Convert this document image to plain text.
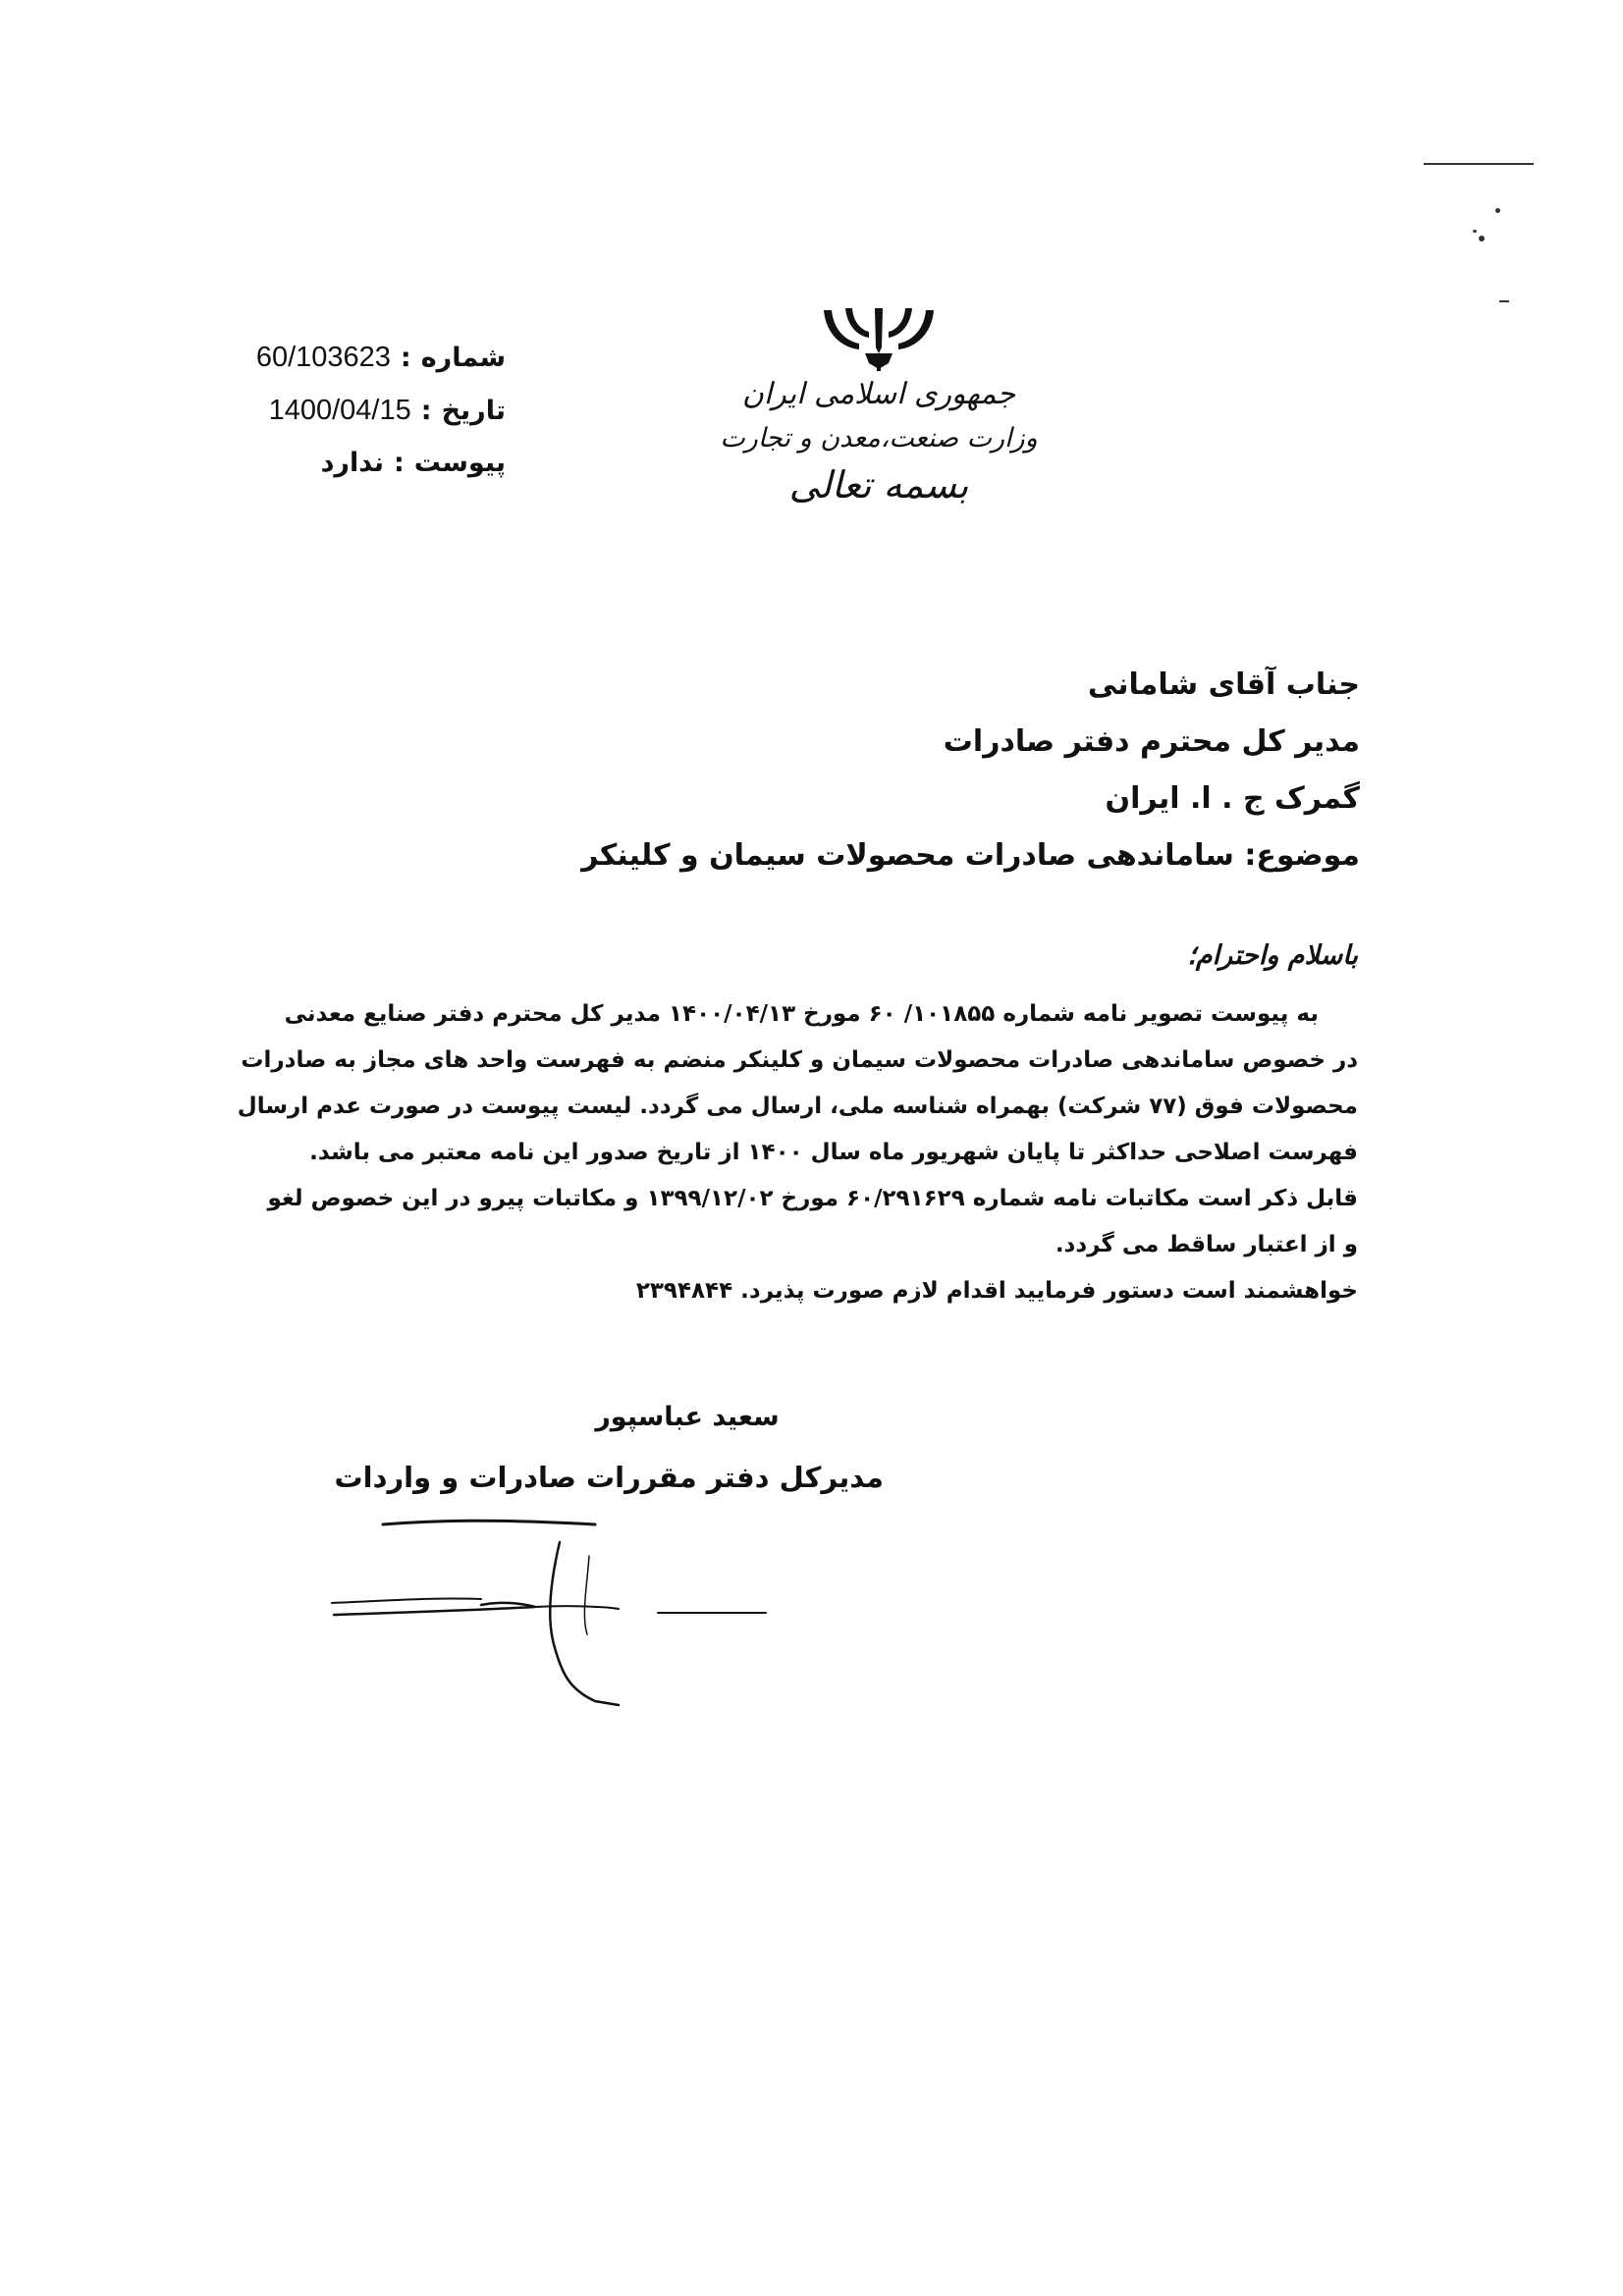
شماره
:
60/103623
تاریخ
:
1400/04/15
پیوست
:
ندارد
جمهوری اسلامی ایران
وزارت صنعت،معدن و تجارت
بسمه تعالی
جناب آقای شامانی
مدیر کل محترم دفتر صادرات
گمرک ج . ا. ایران
موضوع: ساماندهی صادرات محصولات سیمان و کلینکر
باسلام واحترام؛
به پیوست تصویر نامه شماره ۱۰۱۸۵۵/ ۶۰ مورخ ۱۴۰۰/۰۴/۱۳ مدیر کل محترم دفتر صنایع معدنی
در خصوص ساماندهی صادرات محصولات سیمان و کلینکر منضم به فهرست واحد های مجاز به صادرات
محصولات فوق (۷۷ شرکت) بهمراه شناسه ملی، ارسال می گردد. لیست پیوست در صورت عدم ارسال
فهرست اصلاحی حداکثر تا پایان شهریور ماه سال ۱۴۰۰ از تاریخ صدور این نامه معتبر می باشد.
قابل ذکر است مکاتبات نامه شماره ۶۰/۲۹۱۶۲۹ مورخ ۱۳۹۹/۱۲/۰۲ و مکاتبات پیرو در این خصوص لغو
و از اعتبار ساقط می گردد.
خواهشمند است دستور فرمایید اقدام لازم صورت پذیرد. ۲۳۹۴۸۴۴
سعید عباسپور
مدیرکل دفتر مقررات صادرات و واردات
